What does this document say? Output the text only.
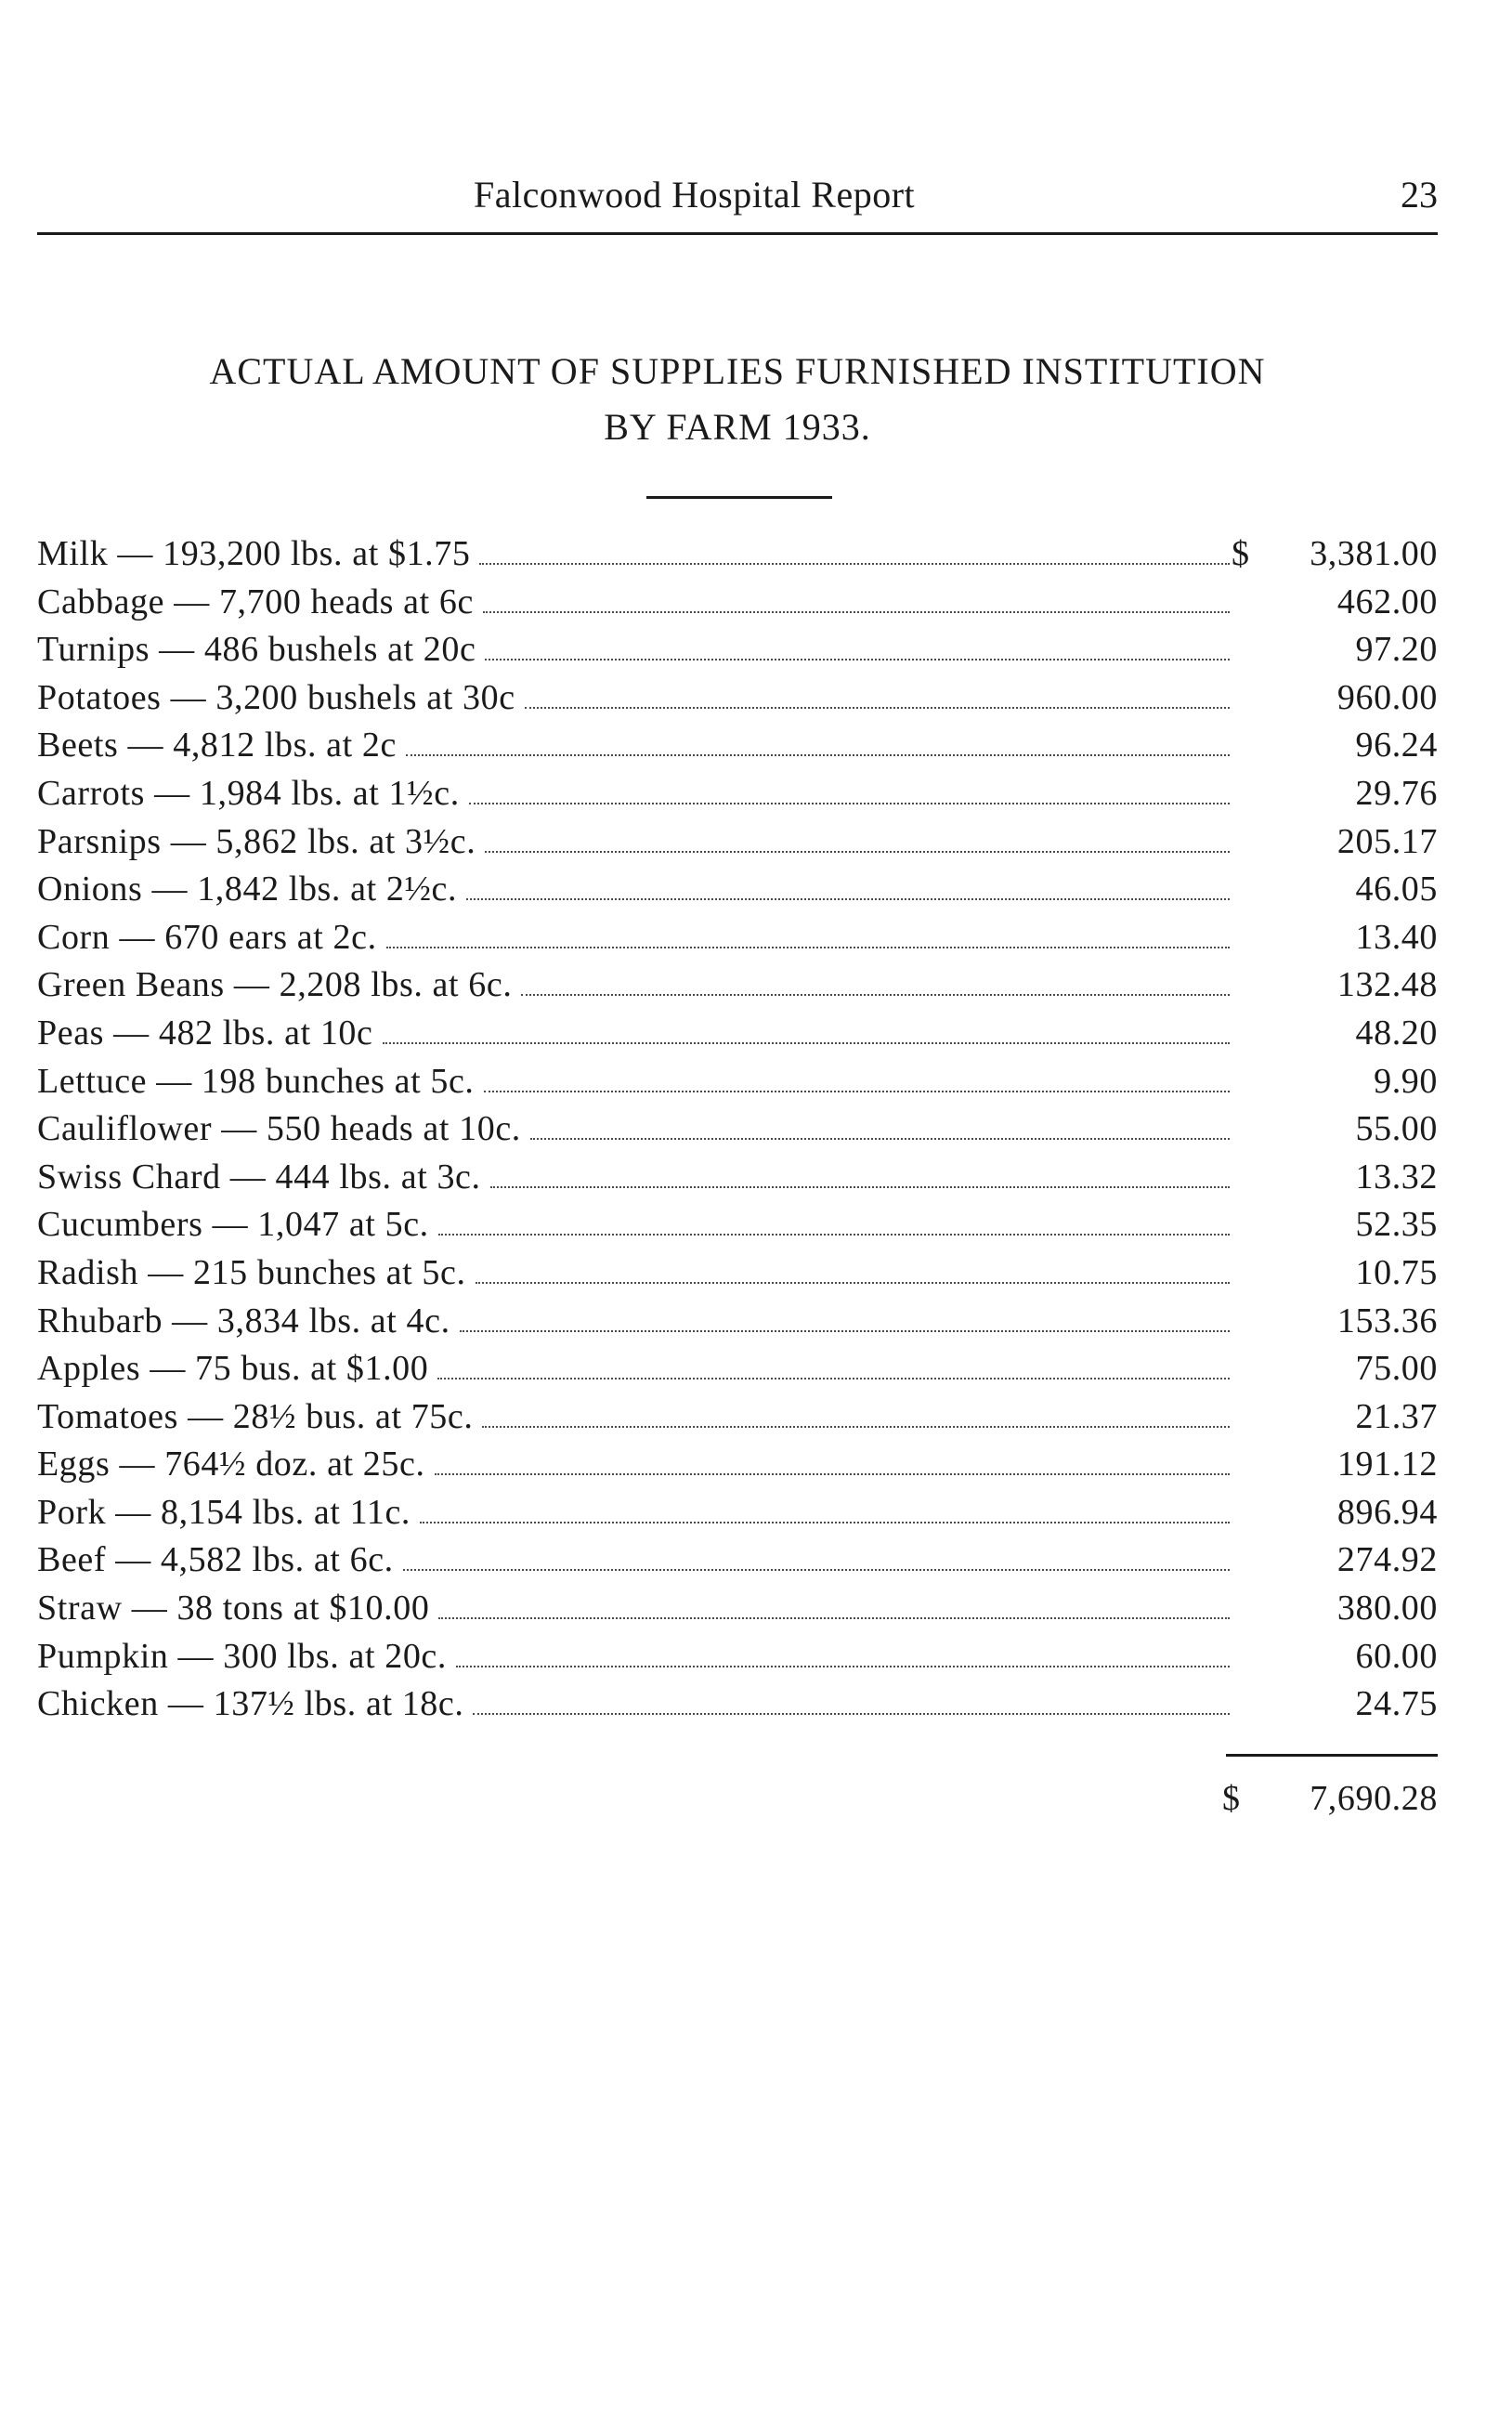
Falconwood Hospital Report	23
ACTUAL AMOUNT OF SUPPLIES FURNISHED INSTITUTION
BY FARM 1933.
Milk — 193,200 lbs. at $1.75	$	3,381.00
Cabbage — 7,700 heads at 6c	462.00
Turnips — 486 bushels at 20c	97.20
Potatoes — 3,200 bushels at 30c	960.00
Beets — 4,812 lbs. at 2c	96.24
Carrots — 1,984 lbs. at 1½c.	29.76
Parsnips — 5,862 lbs. at 3½c.	205.17
Onions — 1,842 lbs. at 2½c.	46.05
Corn — 670 ears at 2c.	13.40
Green Beans — 2,208 lbs. at 6c.	132.48
Peas — 482 lbs. at 10c	48.20
Lettuce — 198 bunches at 5c.	9.90
Cauliflower — 550 heads at 10c.	55.00
Swiss Chard — 444 lbs. at 3c.	13.32
Cucumbers — 1,047 at 5c.	52.35
Radish — 215 bunches at 5c.	10.75
Rhubarb — 3,834 lbs. at 4c.	153.36
Apples — 75 bus. at $1.00	75.00
Tomatoes — 28½ bus. at 75c.	21.37
Eggs — 764½ doz. at 25c.	191.12
Pork — 8,154 lbs. at 11c.	896.94
Beef — 4,582 lbs. at 6c.	274.92
Straw — 38 tons at $10.00	380.00
Pumpkin — 300 lbs. at 20c.	60.00
Chicken — 137½ lbs. at 18c.	24.75
$ 7,690.28
